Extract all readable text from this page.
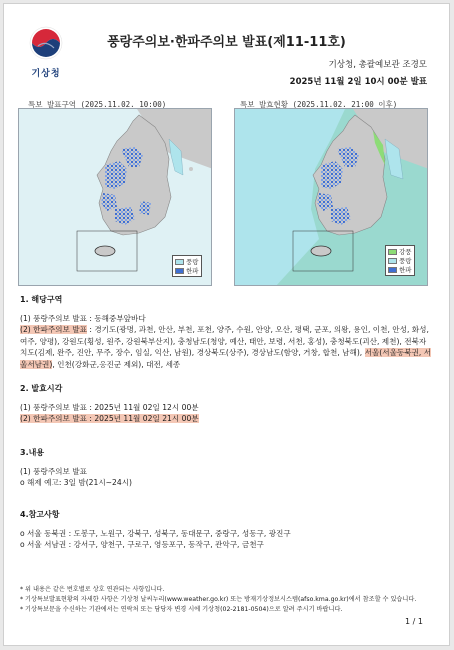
기상청
풍랑주의보·한파주의보 발표(제11-11호)
기상청, 총괄예보관 조경모
2025년 11월 2일 10시 00분 발표
특보 발표구역 (2025.11.02. 10:00)
풍랑
한파
특보 발효현황 (2025.11.02. 21:00 이후)
강풍
풍랑
한파
1. 해당구역
(1) 풍랑주의보 발표 : 동해중부앞바다
(2) 한파주의보 발표 : 경기도(광명, 과천, 안산, 부천, 포천, 양주, 수원, 안양, 오산, 평택, 군포, 의왕, 용인, 이천, 안성, 화성, 여주, 양평), 강원도(횡성, 원주, 강원북부산지), 충청남도(청양, 예산, 태안, 보령, 서천, 홍성), 충청북도(괴산, 제천), 전북자치도(김제, 완주, 진안, 무주, 장수, 임실, 익산, 남원), 경상북도(상주), 경상남도(함양, 거창, 합천, 남해), 서울(서울동북권, 서울서남권), 인천(강화군,옹진군 제외), 대전, 세종
2. 발효시각
(1) 풍랑주의보 발표 : 2025년 11월 02일 12시 00분
(2) 한파주의보 발표 : 2025년 11월 02일 21시 00분
3.내용
(1) 풍랑주의보 발표
o 해제 예고: 3일 밤(21시~24시)
4.참고사항
o 서울 동북권 : 도봉구, 노원구, 강북구, 성북구, 동대문구, 중랑구, 성동구, 광진구
o 서울 서남권 : 강서구, 양천구, 구로구, 영등포구, 동작구, 관악구, 금천구
* 위 내용은 같은 번호별로 상호 연관되는 사항입니다.
* 기상특보발표현황의 자세한 사항은 기상청 날씨누리(www.weather.go.kr) 또는 방재기상정보시스템(afso.kma.go.kr)에서 참조할 수 있습니다.
* 기상특보문을 수신하는 기관에서는 연락처 또는 담당자 변경 시에 기상청(02-2181-0504)으로 알려 주시기 바랍니다.
1 / 1
